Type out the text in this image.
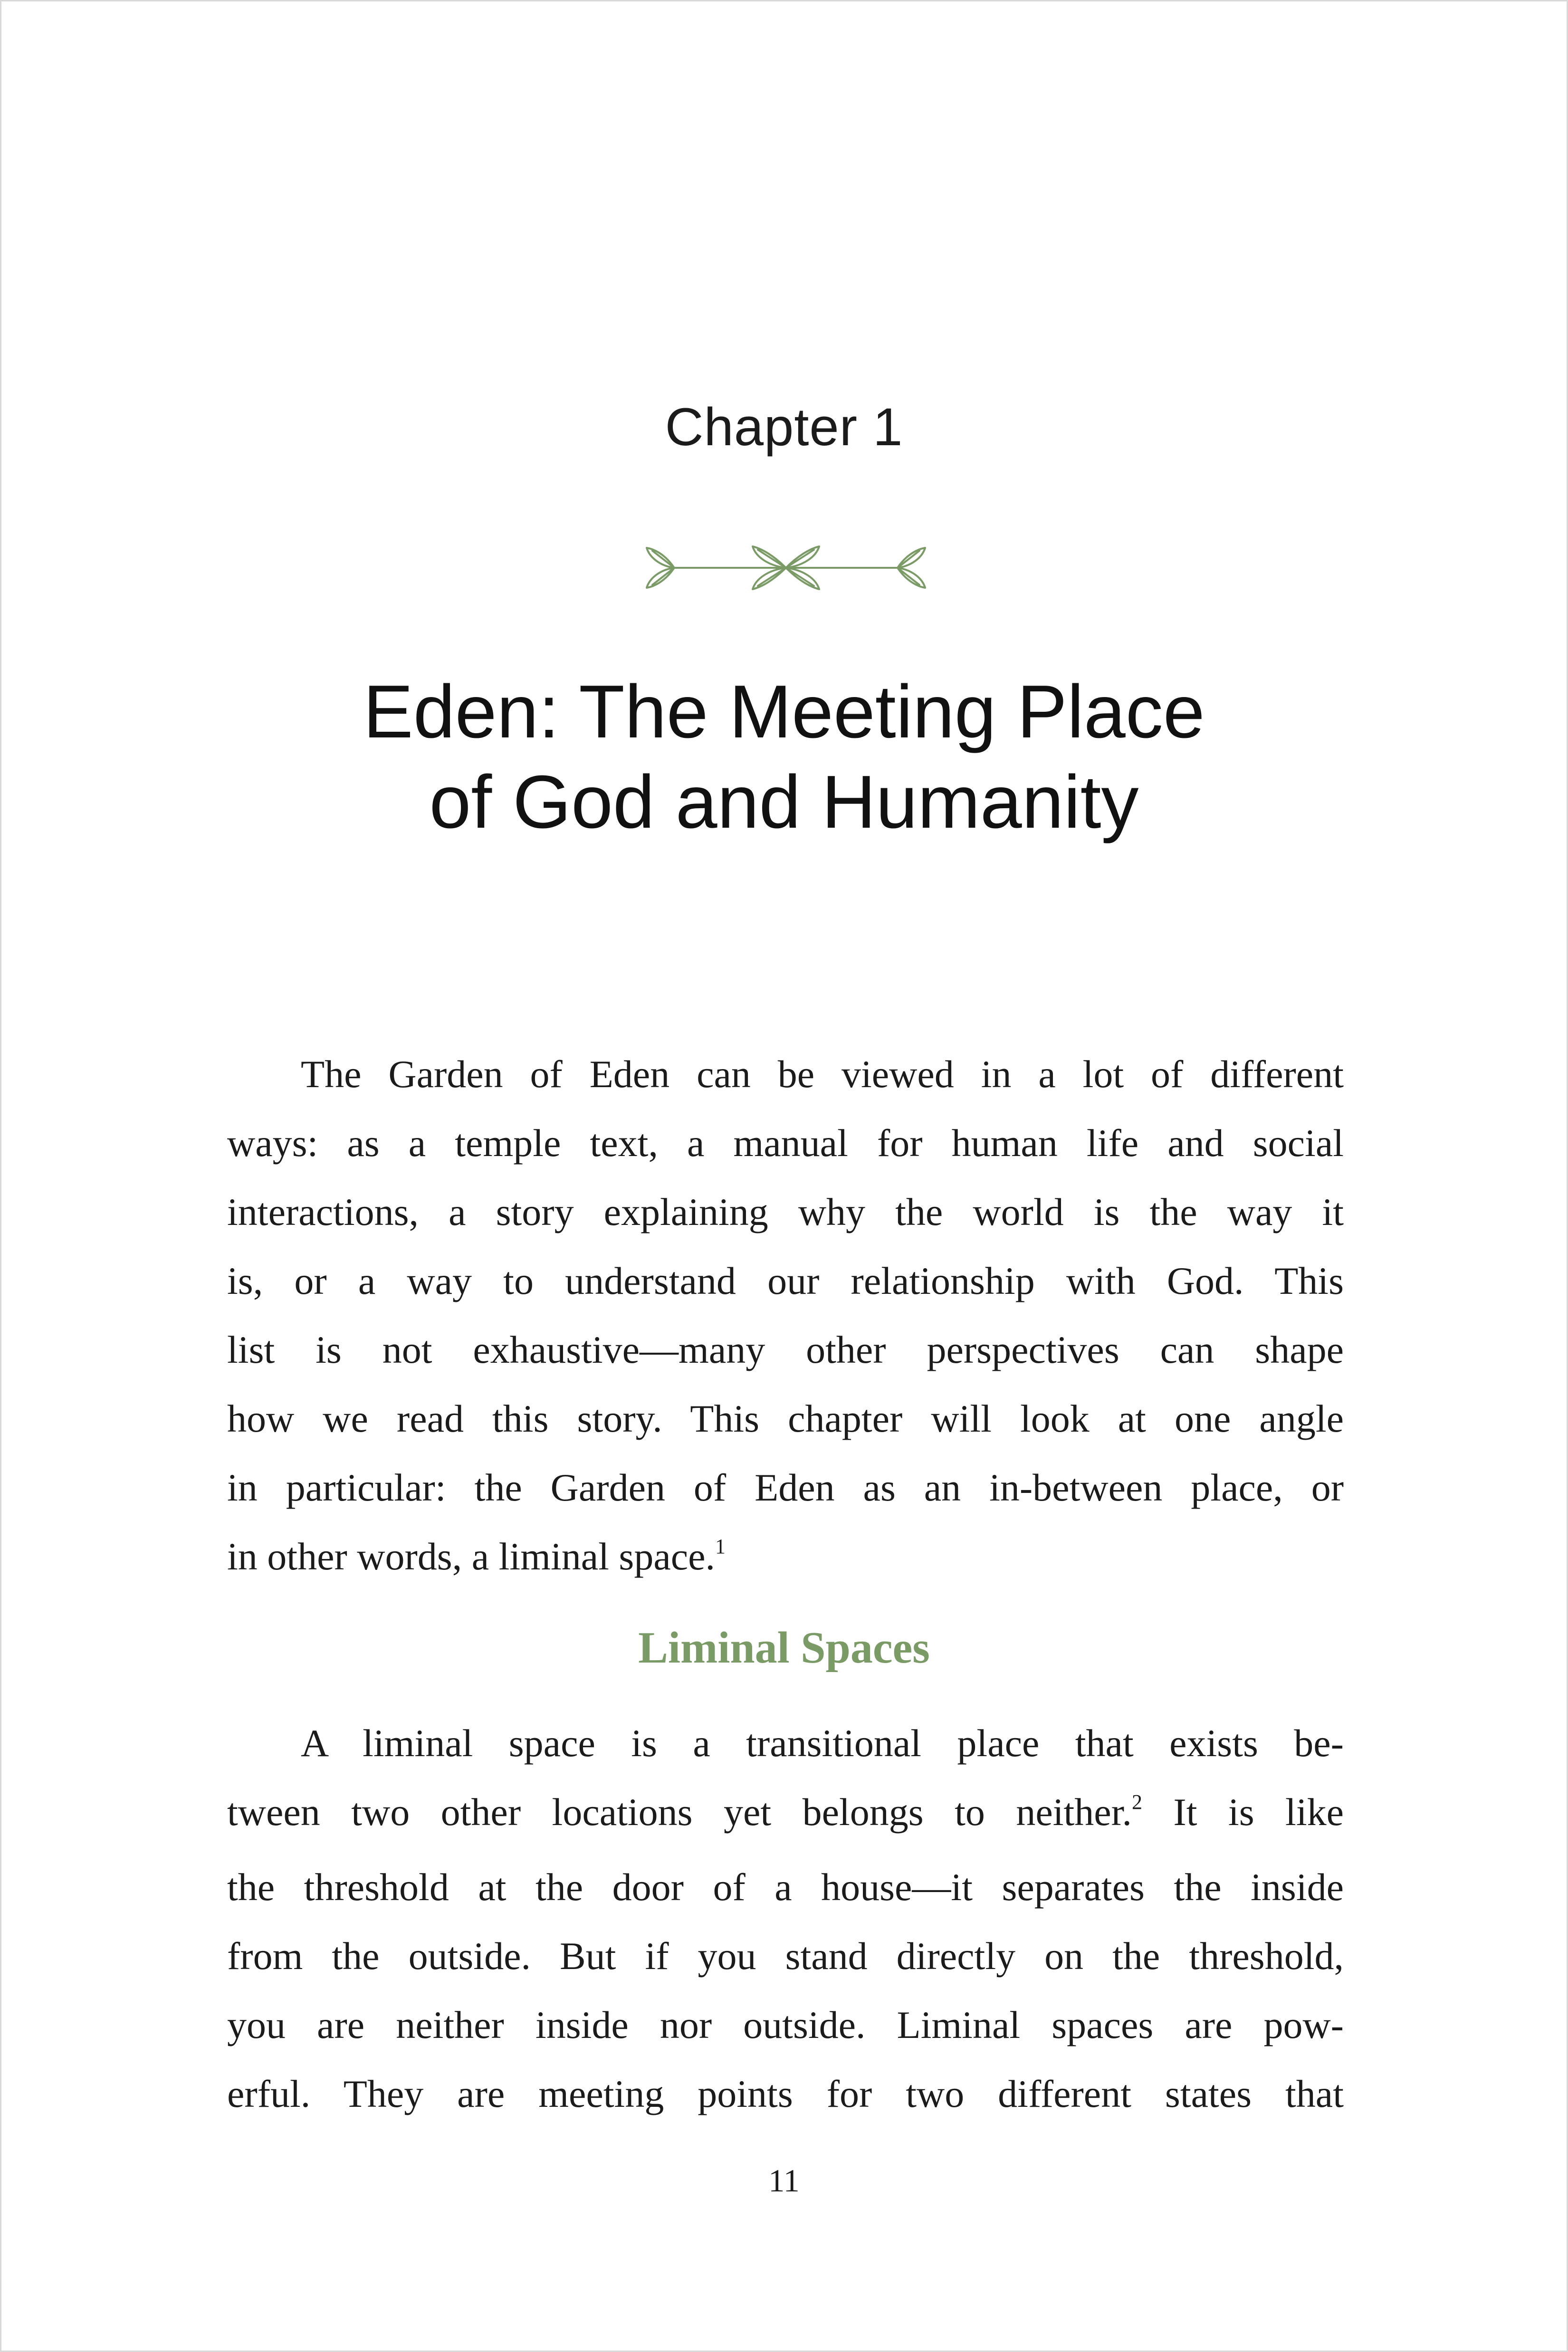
Chapter 1
Eden: The Meeting Place
of God and Humanity
The Garden of Eden can be viewed in a lot of different
ways: as a temple text, a manual for human life and social
interactions, a story explaining why the world is the way it
is, or a way to understand our relationship with God. This
list is not exhaustive—many other perspectives can shape
how we read this story. This chapter will look at one angle
in particular: the Garden of Eden as an in-between place, or
in other words, a liminal space.$^1$
Liminal Spaces
A liminal space is a transitional place that exists be-
tween two other locations yet belongs to neither.$^2$ It is like
the threshold at the door of a house—it separates the inside
from the outside. But if you stand directly on the threshold,
you are neither inside nor outside. Liminal spaces are pow-
erful. They are meeting points for two different states that
11
